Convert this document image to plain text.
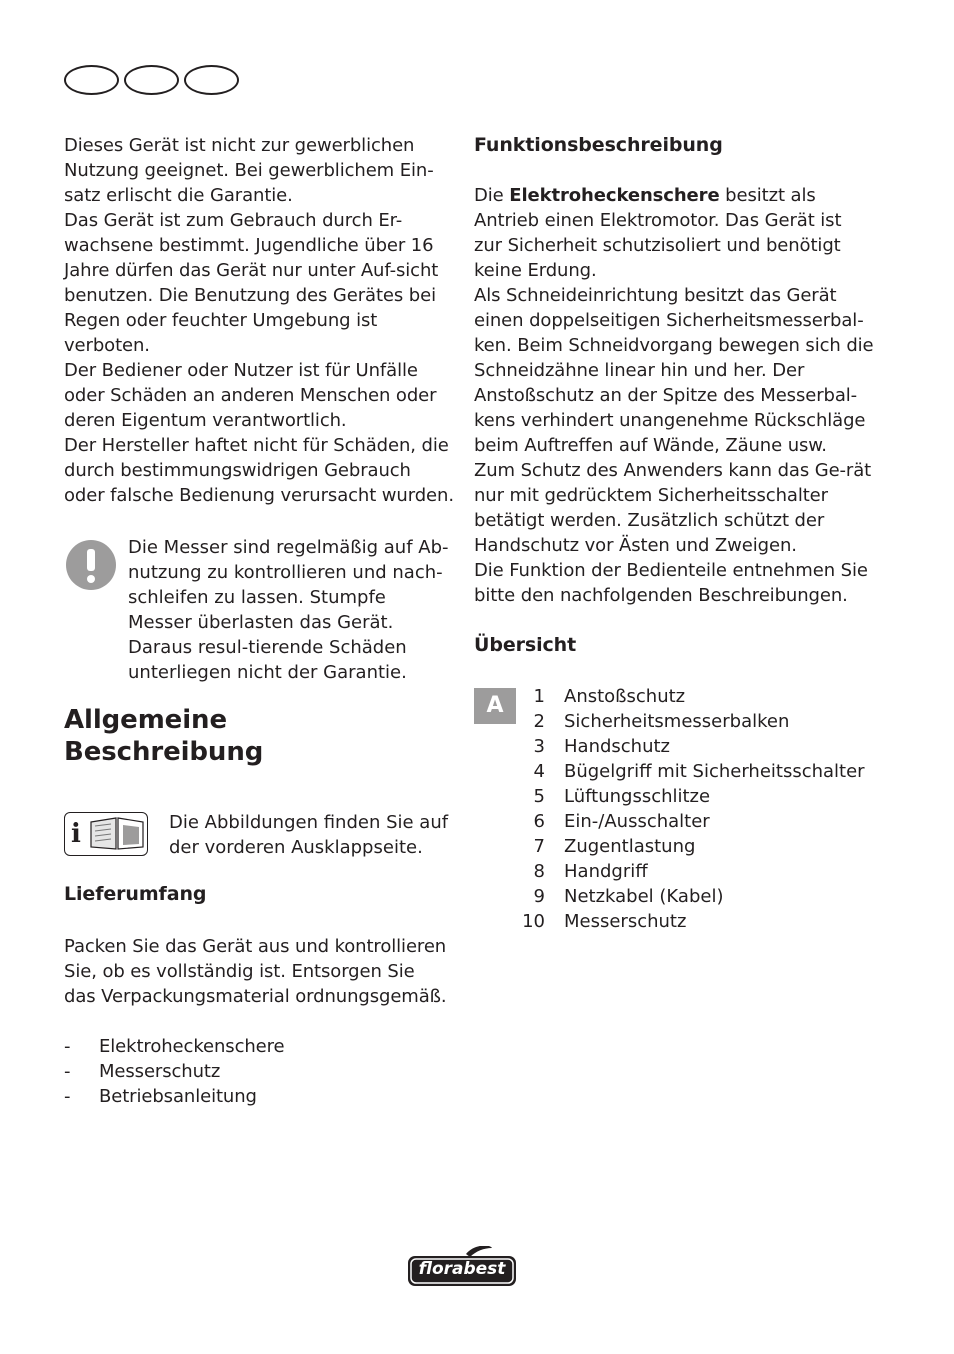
Dieses Gerät ist nicht zur gewerblichen Nutzung geeignet. Bei gewerblichem Ein-satz erlischt die Garantie.

Das Gerät ist zum Gebrauch durch Er-wachsene bestimmt. Jugendliche über 16 Jahre dürfen das Gerät nur unter Auf-sicht benutzen. Die Benutzung des Gerätes bei Regen oder feuchter Umgebung ist verboten.

Der Bediener oder Nutzer ist für Unfälle oder Schäden an anderen Menschen oder deren Eigentum verantwortlich.

Der Hersteller haftet nicht für Schäden, die durch bestimmungswidrigen Gebrauch oder falsche Bedienung verursacht wurden.

Die Messer sind regelmäßig auf Ab-nutzung zu kontrollieren und nach-schleifen zu lassen. Stumpfe Messer überlasten das Gerät. Daraus resul-tierende Schäden unterliegen nicht der Garantie.
Allgemeine
Beschreibung
i	Die Abbildungen finden Sie auf der vorderen Ausklappseite.
Lieferumfang

Packen Sie das Gerät aus und kontrollieren Sie, ob es vollständig ist. Entsorgen Sie das Verpackungsmaterial ordnungsgemäß.

-	Elektroheckenschere
-	Messerschutz
-	Betriebsanleitung
Funktionsbeschreibung

Die Elektroheckenschere besitzt als Antrieb einen Elektromotor. Das Gerät ist zur Sicherheit schutzisoliert und benötigt keine Erdung.

Als Schneideinrichtung besitzt das Gerät einen doppelseitigen Sicherheitsmesserbal-ken. Beim Schneidvorgang bewegen sich die Schneidzähne linear hin und her. Der Anstoßschutz an der Spitze des Messerbal-kens verhindert unangenehme Rückschläge beim Auftreffen auf Wände, Zäune usw.

Zum Schutz des Anwenders kann das Ge-rät nur mit gedrücktem Sicherheitsschalter betätigt werden. Zusätzlich schützt der Handschutz vor Ästen und Zweigen.

Die Funktion der Bedienteile entnehmen Sie bitte den nachfolgenden Beschreibungen.

Übersicht
A	1 Anstoßschutz
2 Sicherheitsmesserbalken
3 Handschutz
4 Bügelgriff mit Sicherheitsschalter
5 Lüftungsschlitze
6 Ein-/Ausschalter
7 Zugentlastung
8 Handgriff
9 Netzkabel (Kabel)
10 Messerschutz
florabest
